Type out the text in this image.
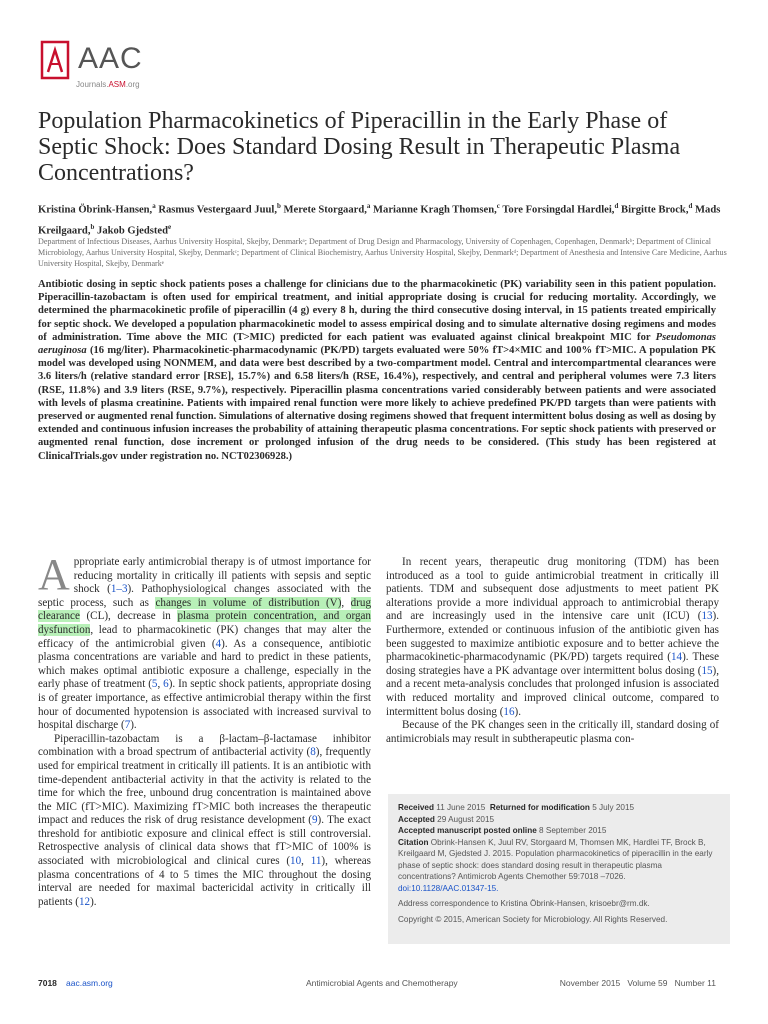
AAC
Journals.ASM.org
Population Pharmacokinetics of Piperacillin in the Early Phase of Septic Shock: Does Standard Dosing Result in Therapeutic Plasma Concentrations?
Kristina Öbrink-Hansen,$^a$ Rasmus Vestergaard Juul,$^b$ Merete Storgaard,$^a$ Marianne Kragh Thomsen,$^c$ Tore Forsingdal Hardlei,$^d$ Birgitte Brock,$^d$ Mads Kreilgaard,$^b$ Jakob Gjedsted$^e$
Department of Infectious Diseases, Aarhus University Hospital, Skejby, Denmarkᵃ; Department of Drug Design and Pharmacology, University of Copenhagen, Copenhagen, Denmarkᵇ; Department of Clinical Microbiology, Aarhus University Hospital, Skejby, Denmarkᶜ; Department of Clinical Biochemistry, Aarhus University Hospital, Skejby, Denmarkᵈ; Department of Anesthesia and Intensive Care Medicine, Aarhus University Hospital, Skejby, Denmarkᵉ
Antibiotic dosing in septic shock patients poses a challenge for clinicians due to the pharmacokinetic (PK) variability seen in this patient population. Piperacillin-tazobactam is often used for empirical treatment, and initial appropriate dosing is crucial for reducing mortality. Accordingly, we determined the pharmacokinetic profile of piperacillin (4 g) every 8 h, during the third consecutive dosing interval, in 15 patients treated empirically for septic shock. We developed a population pharmacokinetic model to assess empirical dosing and to simulate alternative dosing regimens and modes of administration. Time above the MIC (T>MIC) predicted for each patient was evaluated against clinical breakpoint MIC for Pseudomonas aeruginosa (16 mg/liter). Pharmacokinetic-pharmacodynamic (PK/PD) targets evaluated were 50% fT>4×MIC and 100% fT>MIC. A population PK model was developed using NONMEM, and data were best described by a two-compartment model. Central and intercompartmental clearances were 3.6 liters/h (relative standard error [RSE], 15.7%) and 6.58 liters/h (RSE, 16.4%), respectively, and central and peripheral volumes were 7.3 liters (RSE, 11.8%) and 3.9 liters (RSE, 9.7%), respectively. Piperacillin plasma concentrations varied considerably between patients and were associated with levels of plasma creatinine. Patients with impaired renal function were more likely to achieve predefined PK/PD targets than were patients with preserved or augmented renal function. Simulations of alternative dosing regimens showed that frequent intermittent bolus dosing as well as dosing by extended and continuous infusion increases the probability of attaining therapeutic plasma concentrations. For septic shock patients with preserved or augmented renal function, dose increment or prolonged infusion of the drug needs to be considered. (This study has been registered at ClinicalTrials.gov under registration no. NCT02306928.)

Appropriate early antimicrobial therapy is of utmost importance for reducing mortality in critically ill patients with sepsis and septic shock (1–3). Pathophysiological changes associated with the septic process, such as changes in volume of distribution (V), drug clearance (CL), decrease in plasma protein concentration, and organ dysfunction, lead to pharmacokinetic (PK) changes that may alter the efficacy of the antimicrobial given (4). As a consequence, antibiotic plasma concentrations are variable and hard to predict in these patients, which makes optimal antibiotic exposure a challenge, especially in the early phase of treatment (5, 6). In septic shock patients, appropriate dosing is of greater importance, as effective antimicrobial therapy within the first hour of documented hypotension is associated with increased survival to hospital discharge (7).

Piperacillin-tazobactam is a β-lactam–β-lactamase inhibitor combination with a broad spectrum of antibacterial activity (8), frequently used for empirical treatment in critically ill patients. It is an antibiotic with time-dependent antibacterial activity in that the activity is related to the time for which the free, unbound drug concentration is maintained above the MIC (fT>MIC). Maximizing fT>MIC both increases the therapeutic impact and reduces the risk of drug resistance development (9). The exact threshold for antibiotic exposure and clinical effect is still controversial. Retrospective analysis of clinical data shows that fT>MIC of 100% is associated with microbiological and clinical cures (10, 11), whereas plasma concentrations of 4 to 5 times the MIC throughout the dosing interval are needed for maximal bactericidal activity in critically ill patients (12).

In recent years, therapeutic drug monitoring (TDM) has been introduced as a tool to guide antimicrobial treatment in critically ill patients. TDM and subsequent dose adjustments to meet patient PK alterations provide a more individual approach to antimicrobial therapy and are increasingly used in the intensive care unit (ICU) (13). Furthermore, extended or continuous infusion of the antibiotic given has been suggested to maximize antibiotic exposure and to better achieve the pharmacokinetic-pharmacodynamic (PK/PD) targets required (14). These dosing strategies have a PK advantage over intermittent bolus dosing (15), and a recent meta-analysis concludes that prolonged infusion is associated with reduced mortality and improved clinical outcome, compared to intermittent bolus dosing (16).

Because of the PK changes seen in the critically ill, standard dosing of antimicrobials may result in subtherapeutic plasma con-

Received 11 June 2015 Returned for modification 5 July 2015

Accepted 29 August 2015

Accepted manuscript posted online 8 September 2015

Citation Obrink-Hansen K, Juul RV, Storgaard M, Thomsen MK, Hardlei TF, Brock B, Kreilgaard M, Gjedsted J. 2015. Population pharmacokinetics of piperacillin in the early phase of septic shock: does standard dosing result in therapeutic plasma concentrations? Antimicrob Agents Chemother 59:7018 –7026.

doi:10.1128/AAC.01347-15.

Address correspondence to Kristina Öbrink-Hansen, krisoebr@rm.dk.

Copyright © 2015, American Society for Microbiology. All Rights Reserved.

7018 aac.asm.org	Antimicrobial Agents and Chemotherapy	November 2015   Volume 59   Number 11
